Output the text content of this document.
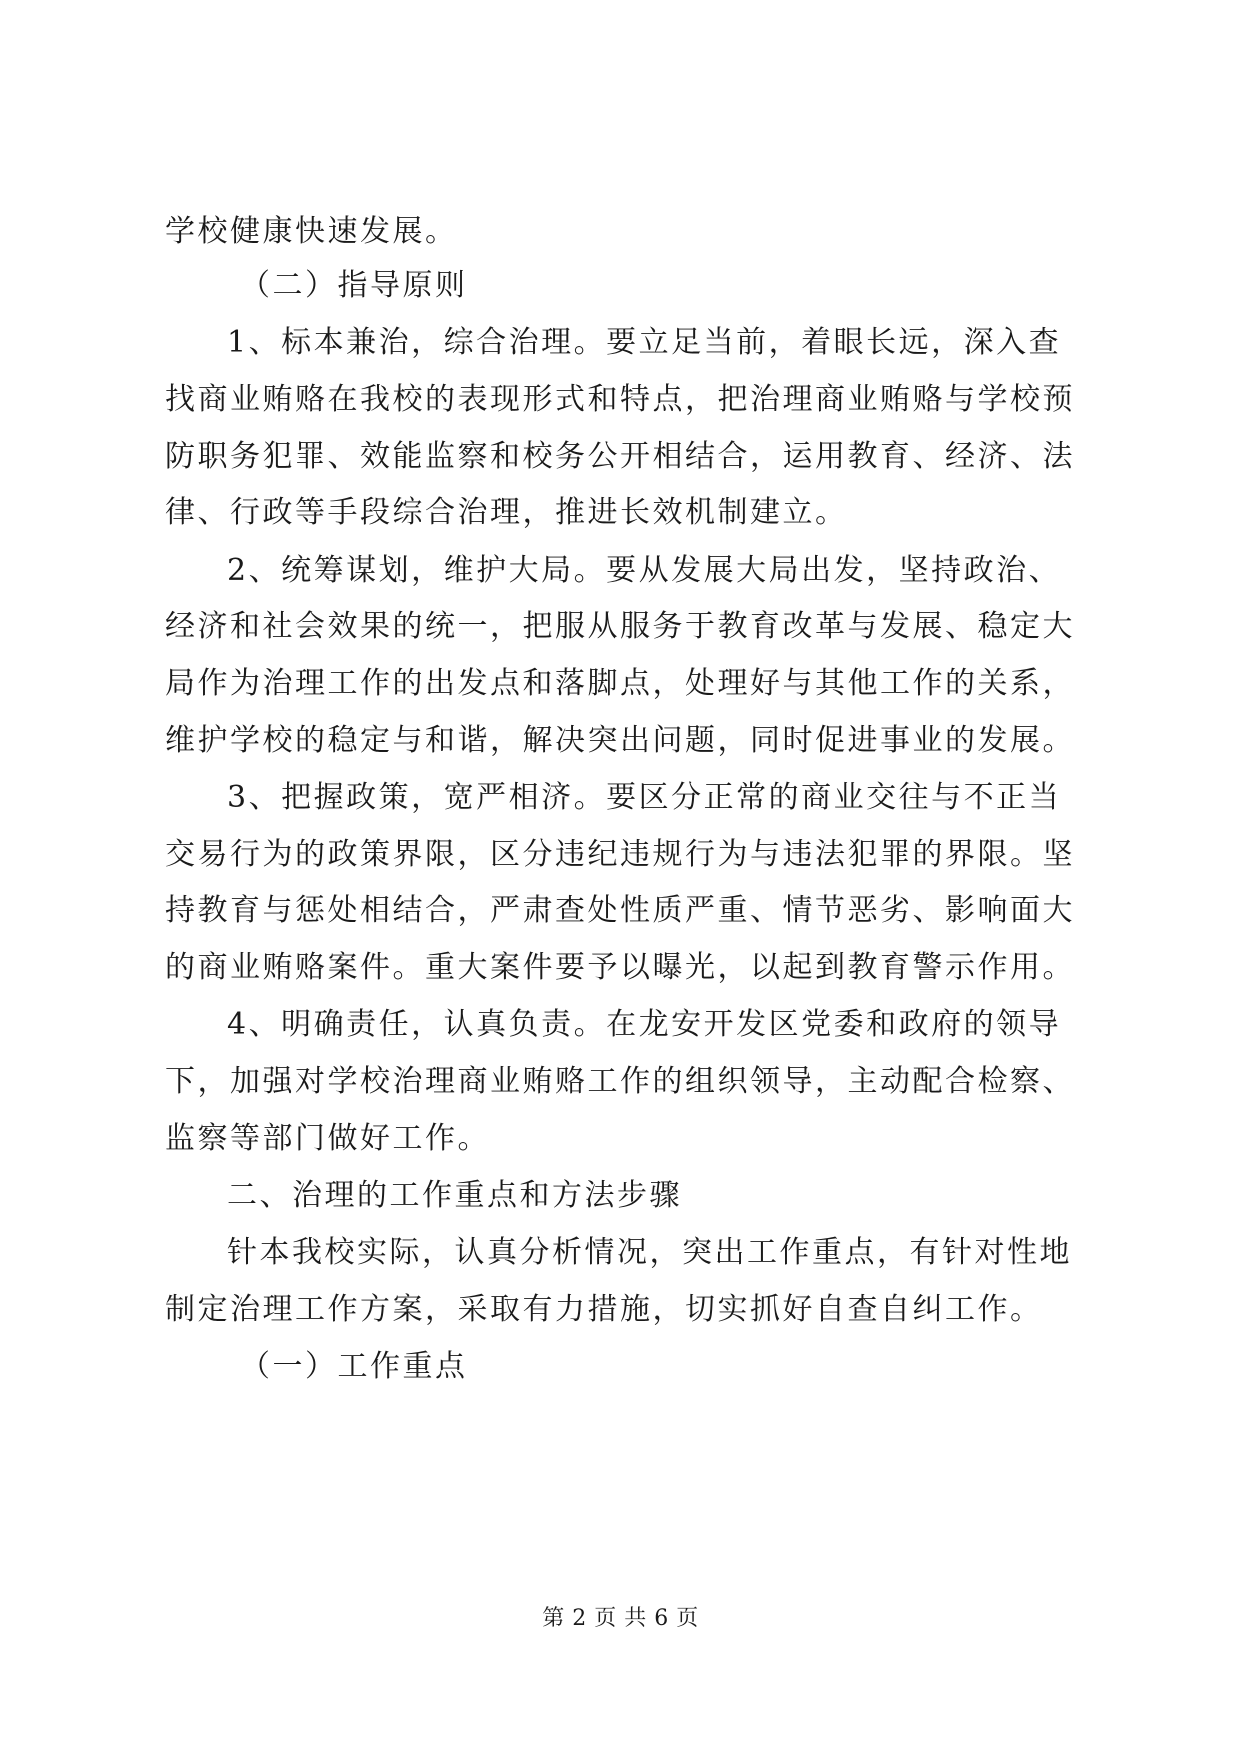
学校健康快速发展。
（二）指导原则
1、标本兼治，综合治理。要立足当前，着眼长远，深入查
找商业贿赂在我校的表现形式和特点，把治理商业贿赂与学校预
防职务犯罪、效能监察和校务公开相结合，运用教育、经济、法
律、行政等手段综合治理，推进长效机制建立。
2、统筹谋划，维护大局。要从发展大局出发，坚持政治、
经济和社会效果的统一，把服从服务于教育改革与发展、稳定大
局作为治理工作的出发点和落脚点，处理好与其他工作的关系，
维护学校的稳定与和谐，解决突出问题，同时促进事业的发展。
3、把握政策，宽严相济。要区分正常的商业交往与不正当
交易行为的政策界限，区分违纪违规行为与违法犯罪的界限。坚
持教育与惩处相结合，严肃查处性质严重、情节恶劣、影响面大
的商业贿赂案件。重大案件要予以曝光，以起到教育警示作用。
4、明确责任，认真负责。在龙安开发区党委和政府的领导
下，加强对学校治理商业贿赂工作的组织领导，主动配合检察、
监察等部门做好工作。
二、治理的工作重点和方法步骤
针本我校实际，认真分析情况，突出工作重点，有针对性地
制定治理工作方案，采取有力措施，切实抓好自查自纠工作。
（一）工作重点
第 2 页 共 6 页
